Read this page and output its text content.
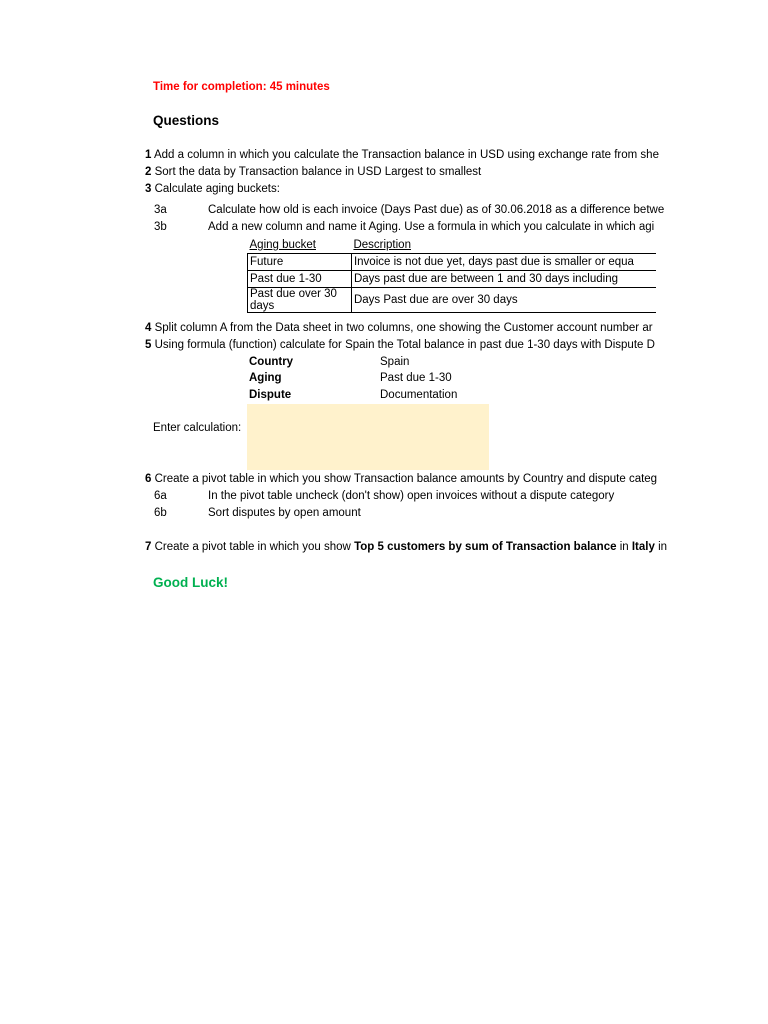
Time for completion: 45 minutes
Questions
1 Add a column in which you calculate the Transaction balance in USD using exchange rate from she
2 Sort the data by Transaction balance in USD Largest to smallest
3 Calculate aging buckets:
3a	Calculate how old is each invoice (Days Past due) as of 30.06.2018 as a difference betwe
3b	Add a new column and name it Aging. Use a formula in which you calculate in which agi
Aging bucket	Description
Future	Invoice is not due yet, days past due is smaller or equa
Past due 1-30	Days past due are between 1 and 30 days including
Past due over 30 days	Days Past due are over 30 days
4 Split column A from the Data sheet in two columns, one showing the Customer account number ar
5 Using formula (function) calculate for Spain the Total balance in past due 1-30 days with Dispute D
Country	Spain
Aging	Past due 1-30
Dispute	Documentation
Enter calculation:
6 Create a pivot table in which you show Transaction balance amounts by Country and dispute categ
6a	In the pivot table uncheck (don't show) open invoices without a dispute category
6b	Sort disputes by open amount
7 Create a pivot table in which you show Top 5 customers by sum of Transaction balance in Italy in
Good Luck!
